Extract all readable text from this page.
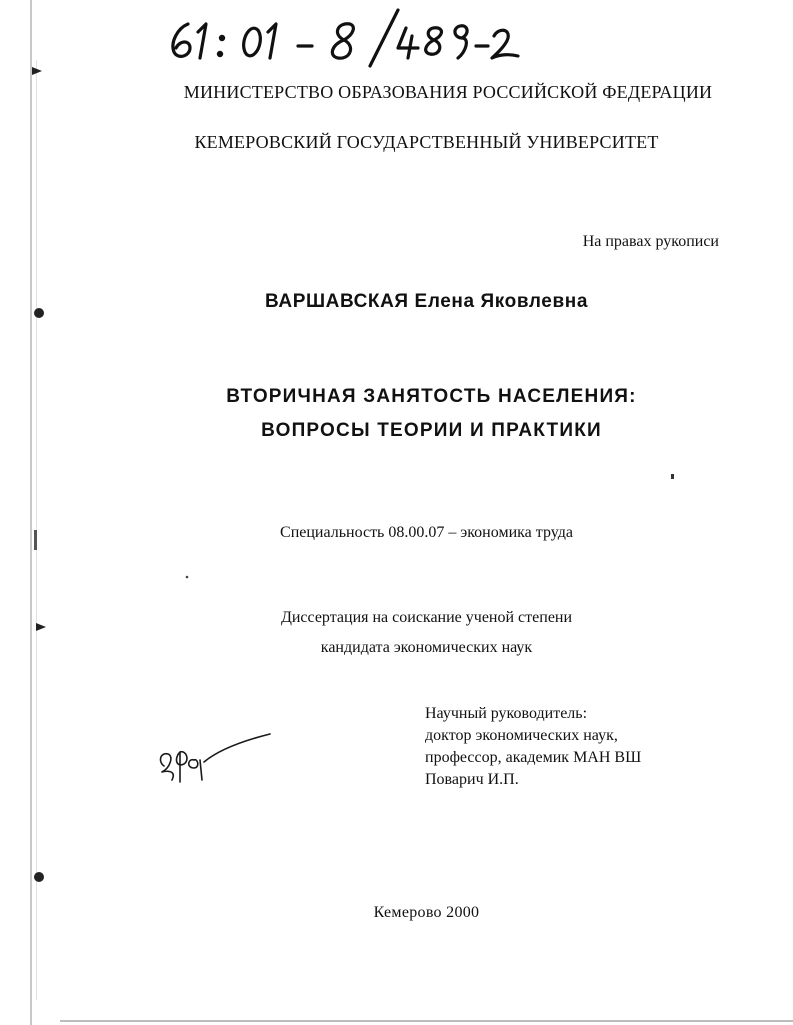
МИНИСТЕРСТВО ОБРАЗОВАНИЯ РОССИЙСКОЙ ФЕДЕРАЦИИ
КЕМЕРОВСКИЙ ГОСУДАРСТВЕННЫЙ УНИВЕРСИТЕТ
На правах рукописи
ВАРШАВСКАЯ Елена Яковлевна
ВТОРИЧНАЯ ЗАНЯТОСТЬ НАСЕЛЕНИЯ:
ВОПРОСЫ ТЕОРИИ И ПРАКТИКИ
Специальность 08.00.07 – экономика труда
Диссертация на соискание ученой степени
кандидата экономических наук
Научный руководитель:
доктор экономических наук,
профессор, академик МАН ВШ
Поварич И.П.
Кемерово 2000
